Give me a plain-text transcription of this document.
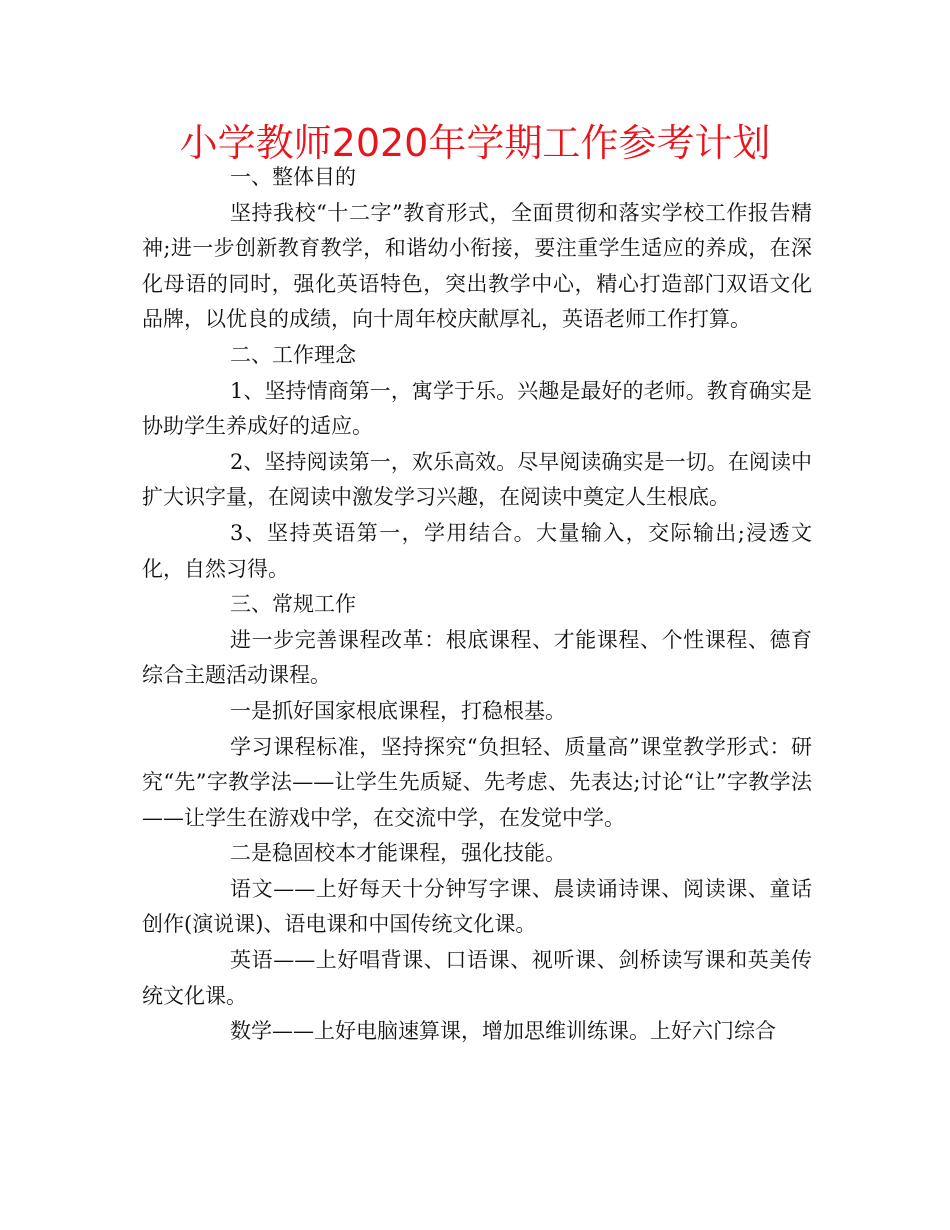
小学教师2020年学期工作参考计划

一、整体目的

坚持我校“十二字”教育形式，全面贯彻和落实学校工作报告精神;进一步创新教育教学，和谐幼小衔接，要注重学生适应的养成，在深化母语的同时，强化英语特色，突出教学中心，精心打造部门双语文化品牌，以优良的成绩，向十周年校庆献厚礼，英语老师工作打算。

二、工作理念

1、坚持情商第一，寓学于乐。兴趣是最好的老师。教育确实是协助学生养成好的适应。

2、坚持阅读第一，欢乐高效。尽早阅读确实是一切。在阅读中扩大识字量，在阅读中激发学习兴趣，在阅读中奠定人生根底。

3、坚持英语第一，学用结合。大量输入，交际输出;浸透文化，自然习得。

三、常规工作

进一步完善课程改革：根底课程、才能课程、个性课程、德育综合主题活动课程。

一是抓好国家根底课程，打稳根基。

学习课程标准，坚持探究“负担轻、质量高”课堂教学形式：研究“先”字教学法——让学生先质疑、先考虑、先表达;讨论“让”字教学法——让学生在游戏中学，在交流中学，在发觉中学。

二是稳固校本才能课程，强化技能。

语文——上好每天十分钟写字课、晨读诵诗课、阅读课、童话创作(演说课)、语电课和中国传统文化课。

英语——上好唱背课、口语课、视听课、剑桥读写课和英美传统文化课。

数学——上好电脑速算课，增加思维训练课。上好六门综合
